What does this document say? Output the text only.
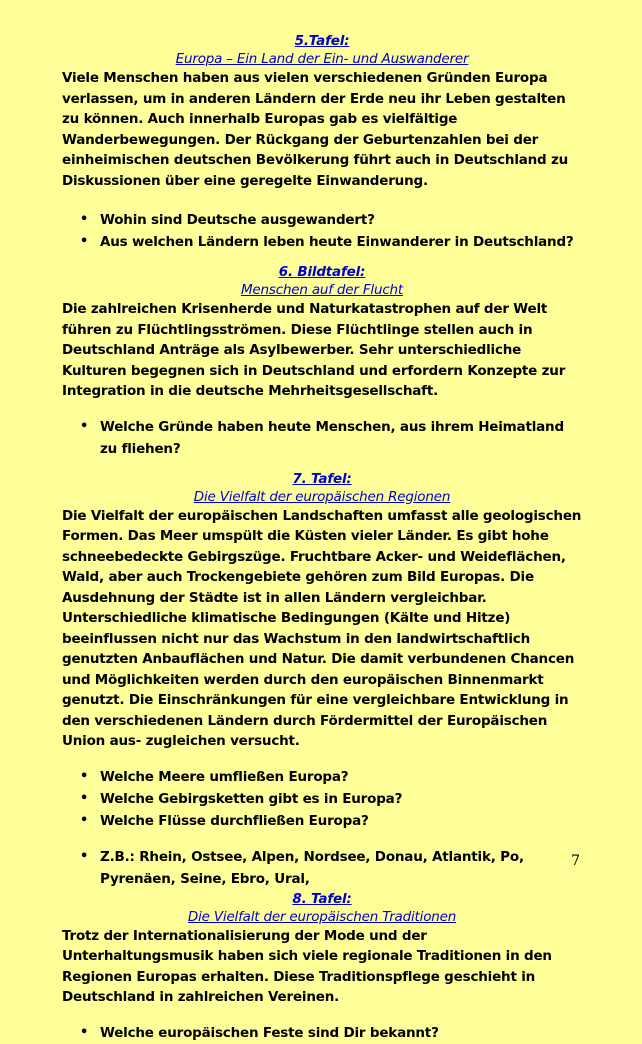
5.Tafel:
Europa – Ein Land der Ein- und Auswanderer

Viele Menschen haben aus vielen verschiedenen Gründen Europa verlassen, um in anderen Ländern der Erde neu ihr Leben gestalten zu können. Auch innerhalb Europas gab es vielfältige Wanderbewegungen. Der Rückgang der Geburtenzahlen bei der einheimischen deutschen Bevölkerung führt auch in Deutschland zu Diskussionen über eine geregelte Einwanderung.

• Wohin sind Deutsche ausgewandert?
• Aus welchen Ländern leben heute Einwanderer in Deutschland?
6. Bildtafel:
Menschen auf der Flucht

Die zahlreichen Krisenherde und Naturkatastrophen auf der Welt führen zu Flüchtlingsströmen. Diese Flüchtlinge stellen auch in Deutschland Anträge als Asylbewerber. Sehr unterschiedliche Kulturen begegnen sich in Deutschland und erfordern Konzepte zur Integration in die deutsche Mehrheitsgesellschaft.

• Welche Gründe haben heute Menschen, aus ihrem Heimatland zu fliehen?
7. Tafel:
Die Vielfalt der europäischen Regionen

Die Vielfalt der europäischen Landschaften umfasst alle geologischen Formen. Das Meer umspült die Küsten vieler Länder. Es gibt hohe schneebedeckte Gebirgszüge. Fruchtbare Acker- und Weideflächen, Wald, aber auch Trockengebiete gehören zum Bild Europas. Die Ausdehnung der Städte ist in allen Ländern vergleichbar. Unterschiedliche klimatische Bedingungen (Kälte und Hitze) beeinflussen nicht nur das Wachstum in den landwirtschaftlich genutzten Anbauflächen und Natur. Die damit verbundenen Chancen und Möglichkeiten werden durch den europäischen Binnenmarkt genutzt. Die Einschränkungen für eine vergleichbare Entwicklung in den verschiedenen Ländern durch Fördermittel der Europäischen Union aus- zugleichen versucht.

• Welche Meere umfließen Europa?
• Welche Gebirgsketten gibt es in Europa?
• Welche Flüsse durchfließen Europa?
• Z.B.: Rhein, Ostsee, Alpen, Nordsee, Donau, Atlantik, Po, Pyrenäen, Seine, Ebro, Ural,
8. Tafel:
Die Vielfalt der europäischen Traditionen

Trotz der Internationalisierung der Mode und der Unterhaltungsmusik haben sich viele regionale Traditionen in den Regionen Europas erhalten. Diese Traditionspflege geschieht in Deutschland in zahlreichen Vereinen.

• Welche europäischen Feste sind Dir bekannt?
7
